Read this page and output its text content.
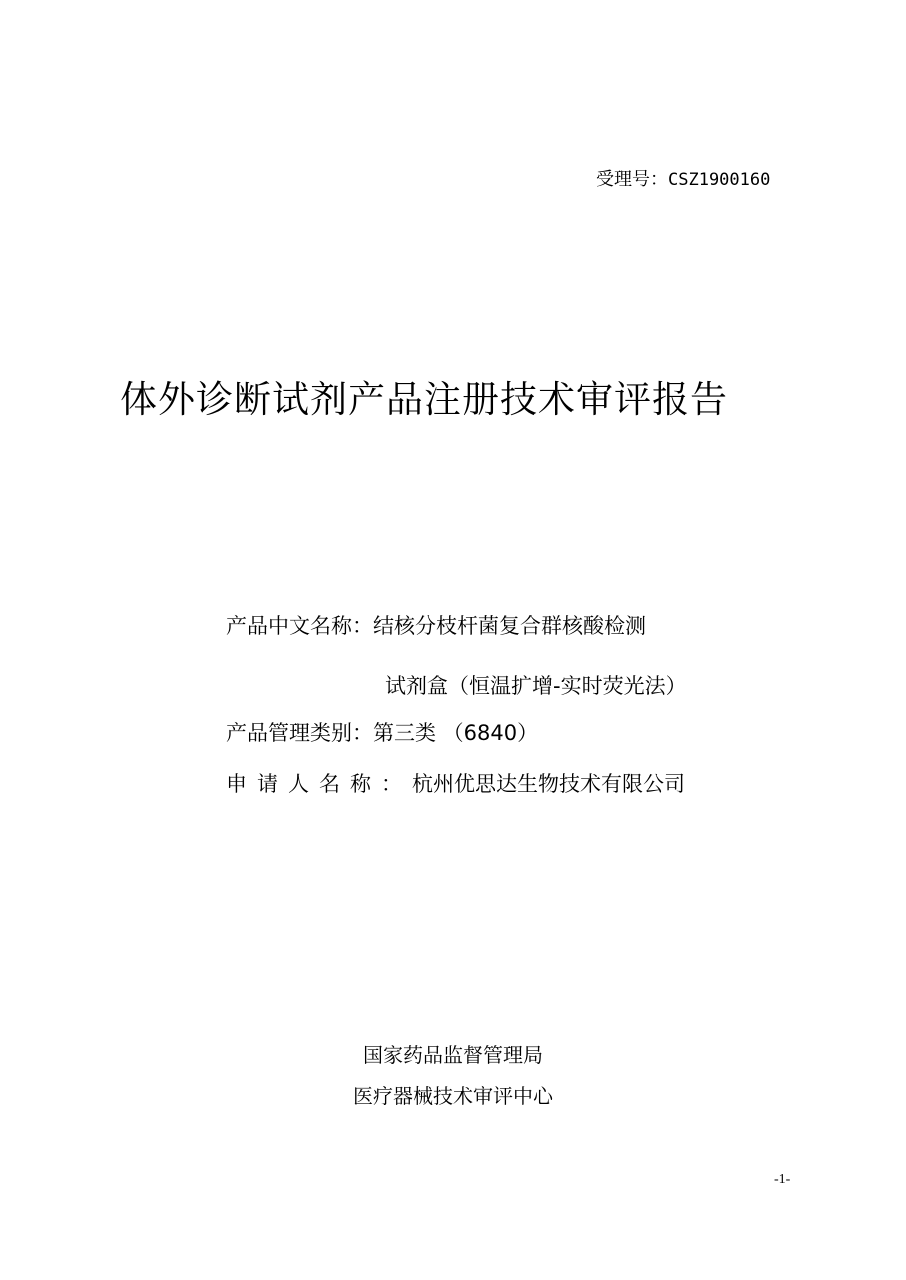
受理号：CSZ1900160
体外诊断试剂产品注册技术审评报告
产品中文名称：结核分枝杆菌复合群核酸检测
试剂盒（恒温扩增-实时荧光法）
产品管理类别：第三类 （6840）
申请人名称：杭州优思达生物技术有限公司
国家药品监督管理局
医疗器械技术审评中心
-1-
